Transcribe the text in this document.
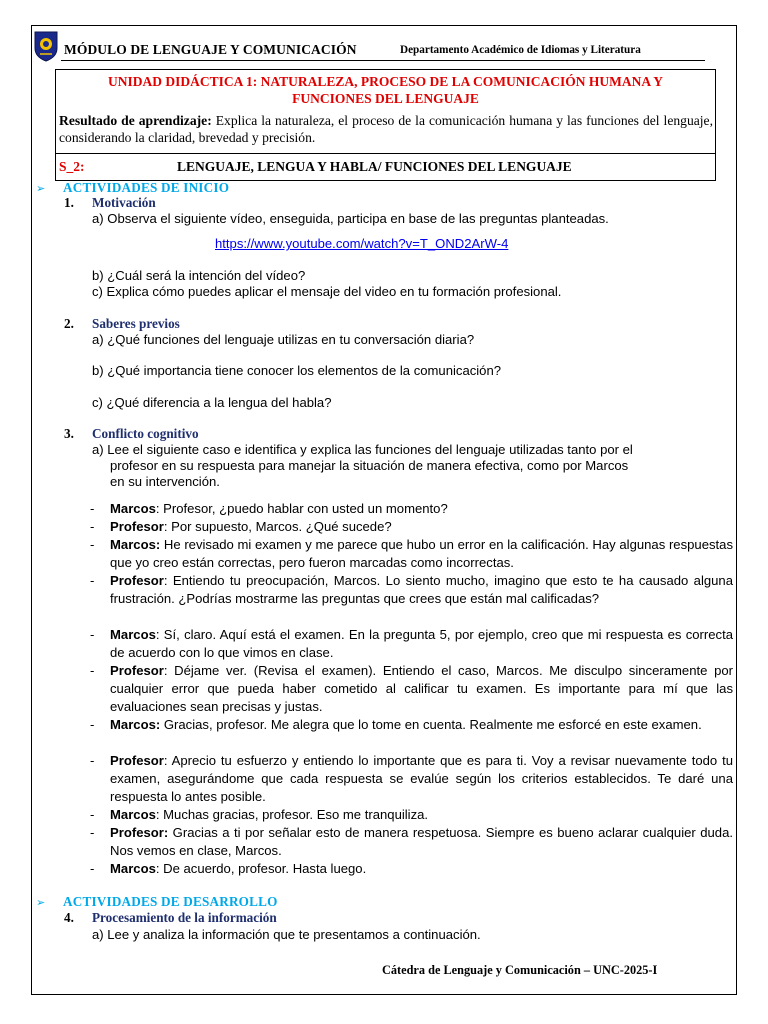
MÓDULO DE LENGUAJE Y COMUNICACIÓN	Departamento Académico de Idiomas y Literatura
UNIDAD DIDÁCTICA 1: NATURALEZA, PROCESO DE LA COMUNICACIÓN HUMANA Y
FUNCIONES DEL LENGUAJE
Resultado de aprendizaje: Explica la naturaleza, el proceso de la comunicación humana y las funciones del lenguaje, considerando la claridad, brevedad y precisión.
S_2:	LENGUAJE, LENGUA Y HABLA/ FUNCIONES DEL LENGUAJE
➢ ACTIVIDADES DE INICIO
1. Motivación
a) Observa el siguiente vídeo, enseguida, participa en base de las preguntas planteadas.
https://www.youtube.com/watch?v=T_OND2ArW-4
b) ¿Cuál será la intención del vídeo?
c) Explica cómo puedes aplicar el mensaje del video en tu formación profesional.
2. Saberes previos
a) ¿Qué funciones del lenguaje utilizas en tu conversación diaria?
b) ¿Qué importancia tiene conocer los elementos de la comunicación?
c) ¿Qué diferencia a la lengua del habla?
3. Conflicto cognitivo
a) Lee el siguiente caso e identifica y explica las funciones del lenguaje utilizadas tanto por el
profesor en su respuesta para manejar la situación de manera efectiva, como por Marcos
en su intervención.
- Marcos: Profesor, ¿puedo hablar con usted un momento?
- Profesor: Por supuesto, Marcos. ¿Qué sucede?
- Marcos: He revisado mi examen y me parece que hubo un error en la calificación. Hay algunas respuestas que yo creo están correctas, pero fueron marcadas como incorrectas.
- Profesor: Entiendo tu preocupación, Marcos. Lo siento mucho, imagino que esto te ha causado alguna frustración. ¿Podrías mostrarme las preguntas que crees que están mal calificadas?
- Marcos: Sí, claro. Aquí está el examen. En la pregunta 5, por ejemplo, creo que mi respuesta es correcta de acuerdo con lo que vimos en clase.
- Profesor: Déjame ver. (Revisa el examen). Entiendo el caso, Marcos. Me disculpo sinceramente por cualquier error que pueda haber cometido al calificar tu examen. Es importante para mí que las evaluaciones sean precisas y justas.
- Marcos: Gracias, profesor. Me alegra que lo tome en cuenta. Realmente me esforcé en este examen.
- Profesor: Aprecio tu esfuerzo y entiendo lo importante que es para ti. Voy a revisar nuevamente todo tu examen, asegurándome que cada respuesta se evalúe según los criterios establecidos. Te daré una respuesta lo antes posible.
- Marcos: Muchas gracias, profesor. Eso me tranquiliza.
- Profesor: Gracias a ti por señalar esto de manera respetuosa. Siempre es bueno aclarar cualquier duda. Nos vemos en clase, Marcos.
- Marcos: De acuerdo, profesor. Hasta luego.
➢ ACTIVIDADES DE DESARROLLO
4. Procesamiento de la información
a) Lee y analiza la información que te presentamos a continuación.
Cátedra de Lenguaje y Comunicación – UNC-2025-I
